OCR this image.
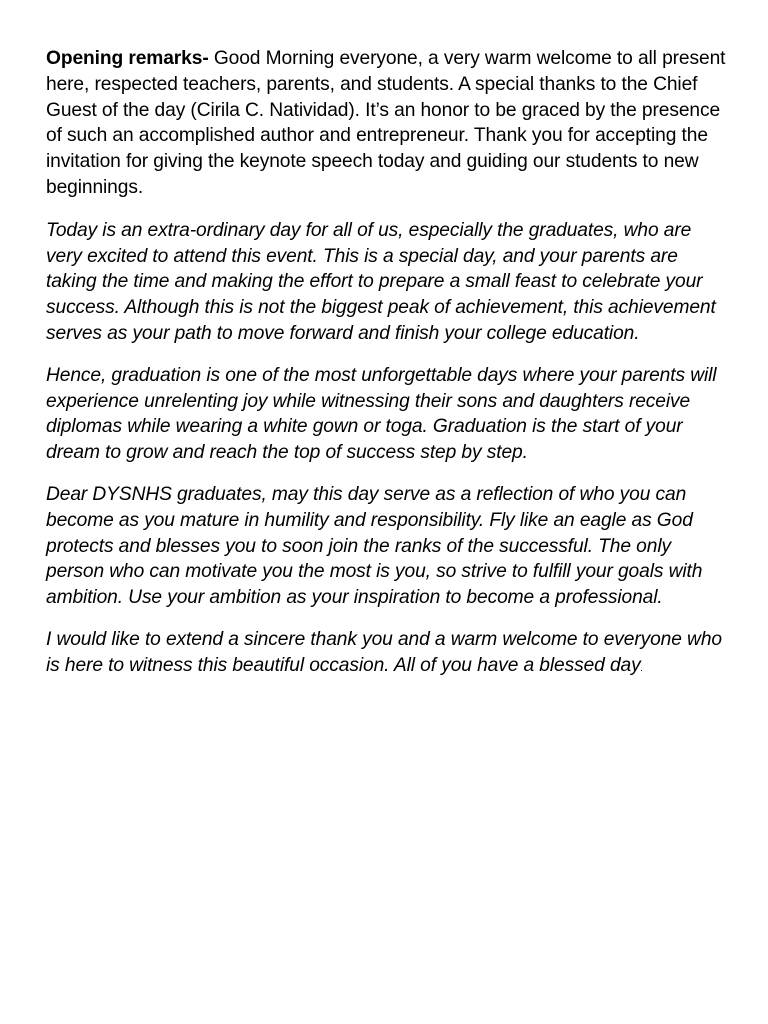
Opening remarks- Good Morning everyone, a very warm welcome to all present here, respected teachers, parents, and students. A special thanks to the Chief Guest of the day (Cirila C. Natividad). It’s an honor to be graced by the presence of such an accomplished author and entrepreneur. Thank you for accepting the invitation for giving the keynote speech today and guiding our students to new beginnings.

Today is an extra-ordinary day for all of us, especially the graduates, who are very excited to attend this event. This is a special day, and your parents are taking the time and making the effort to prepare a small feast to celebrate your success. Although this is not the biggest peak of achievement, this achievement serves as your path to move forward and finish your college education.

Hence, graduation is one of the most unforgettable days where your parents will experience unrelenting joy while witnessing their sons and daughters receive diplomas while wearing a white gown or toga. Graduation is the start of your dream to grow and reach the top of success step by step.

Dear DYSNHS graduates, may this day serve as a reflection of who you can become as you mature in humility and responsibility. Fly like an eagle as God protects and blesses you to soon join the ranks of the successful. The only person who can motivate you the most is you, so strive to fulfill your goals with ambition. Use your ambition as your inspiration to become a professional.

I would like to extend a sincere thank you and a warm welcome to everyone who is here to witness this beautiful occasion. All of you have a blessed day.
